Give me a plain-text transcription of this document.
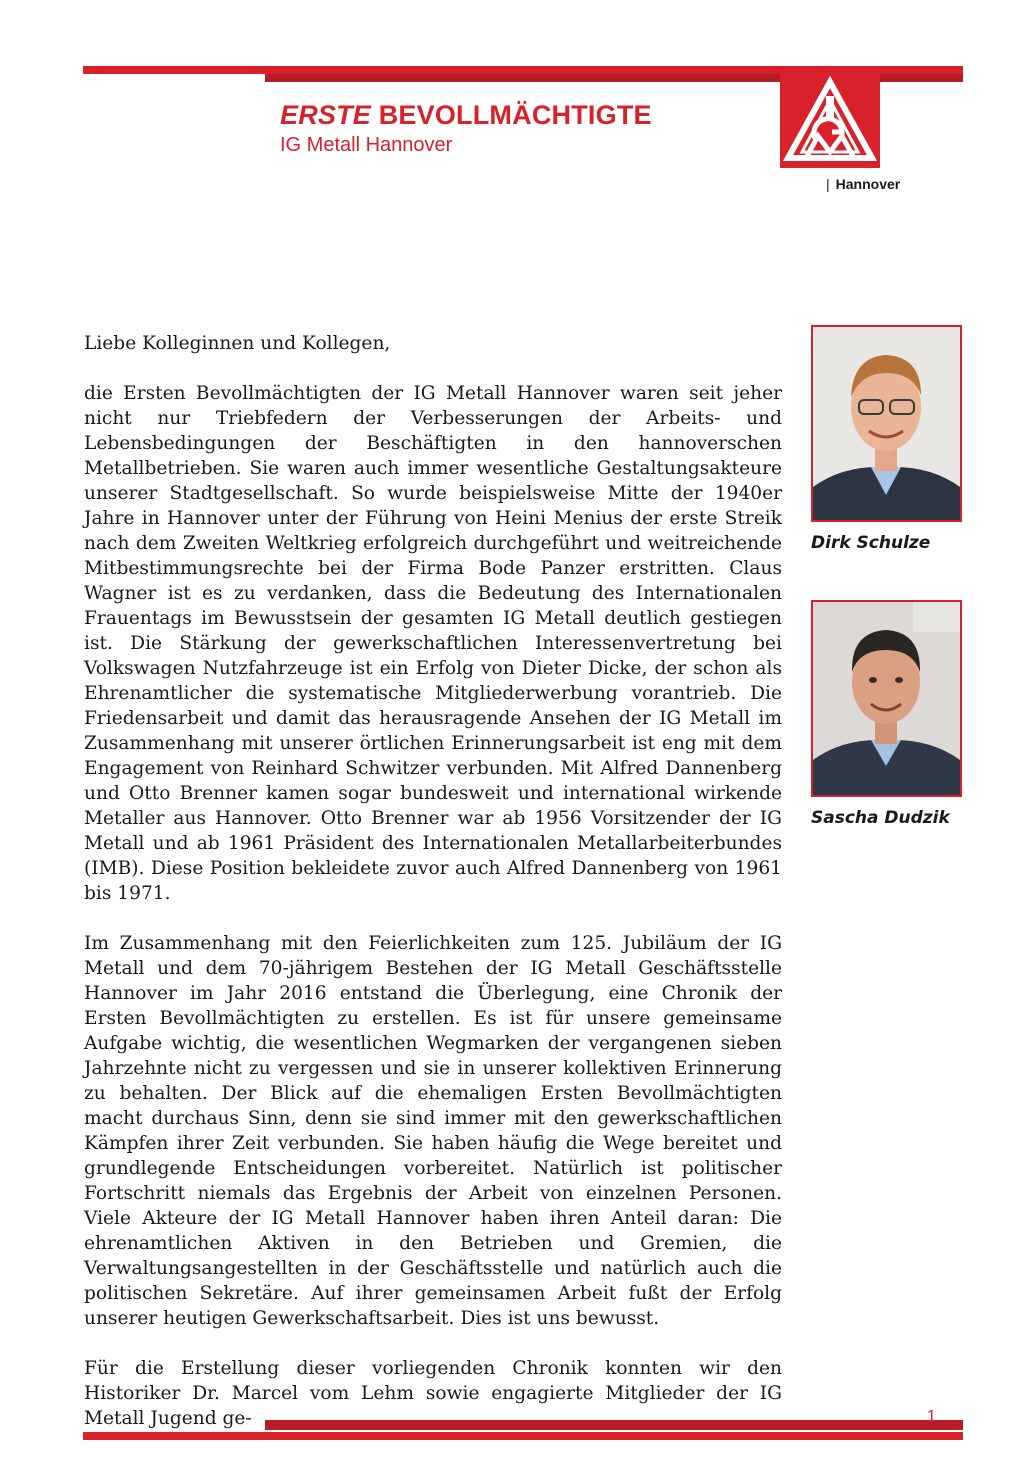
ERSTE BEVOLLMÄCHTIGTE
IG Metall Hannover
| Hannover

Liebe Kolleginnen und Kollegen,

die Ersten Bevollmächtigten der IG Metall Hannover waren seit jeher nicht nur Triebfedern der Verbesserungen der Arbeits- und Lebensbedingungen der Beschäftigten in den hannoverschen Metallbetrieben. Sie waren auch immer wesentliche Gestaltungsakteure unserer Stadtgesellschaft. So wurde beispielsweise Mitte der 1940er Jahre in Hannover unter der Führung von Heini Menius der erste Streik nach dem Zweiten Weltkrieg erfolgreich durchgeführt und weitreichende Mitbestimmungsrechte bei der Firma Bode Panzer erstritten. Claus Wagner ist es zu verdanken, dass die Bedeutung des Internationalen Frauentags im Bewusstsein der gesamten IG Metall deutlich gestiegen ist. Die Stärkung der gewerkschaftlichen Interessenvertretung bei Volkswagen Nutzfahrzeuge ist ein Erfolg von Dieter Dicke, der schon als Ehrenamtlicher die systematische Mitgliederwerbung vorantrieb. Die Friedensarbeit und damit das herausragende Ansehen der IG Metall im Zusammenhang mit unserer örtlichen Erinnerungsarbeit ist eng mit dem Engagement von Reinhard Schwitzer verbunden. Mit Alfred Dannenberg und Otto Brenner kamen sogar bundesweit und international wirkende Metaller aus Hannover. Otto Brenner war ab 1956 Vorsitzender der IG Metall und ab 1961 Präsident des Internationalen Metallarbeiterbundes (IMB). Diese Position bekleidete zuvor auch Alfred Dannenberg von 1961 bis 1971.

Im Zusammenhang mit den Feierlichkeiten zum 125. Jubiläum der IG Metall und dem 70-jährigem Bestehen der IG Metall Geschäftsstelle Hannover im Jahr 2016 entstand die Überlegung, eine Chronik der Ersten Bevollmächtigten zu erstellen. Es ist für unsere gemeinsame Aufgabe wichtig, die wesentlichen Wegmarken der vergangenen sieben Jahrzehnte nicht zu vergessen und sie in unserer kollektiven Erinnerung zu behalten. Der Blick auf die ehemaligen Ersten Bevollmächtigten macht durchaus Sinn, denn sie sind immer mit den gewerkschaftlichen Kämpfen ihrer Zeit verbunden. Sie haben häufig die Wege bereitet und grundlegende Entscheidungen vorbereitet. Natürlich ist politischer Fortschritt niemals das Ergebnis der Arbeit von einzelnen Personen. Viele Akteure der IG Metall Hannover haben ihren Anteil daran: Die ehrenamtlichen Aktiven in den Betrieben und Gremien, die Verwaltungsangestellten in der Geschäftsstelle und natürlich auch die politischen Sekretäre. Auf ihrer gemeinsamen Arbeit fußt der Erfolg unserer heutigen Gewerkschaftsarbeit. Dies ist uns bewusst.

Für die Erstellung dieser vorliegenden Chronik konnten wir den Historiker Dr. Marcel vom Lehm sowie engagierte Mitglieder der IG Metall Jugend ge-

Dirk Schulze
Sascha Dudzik
1
